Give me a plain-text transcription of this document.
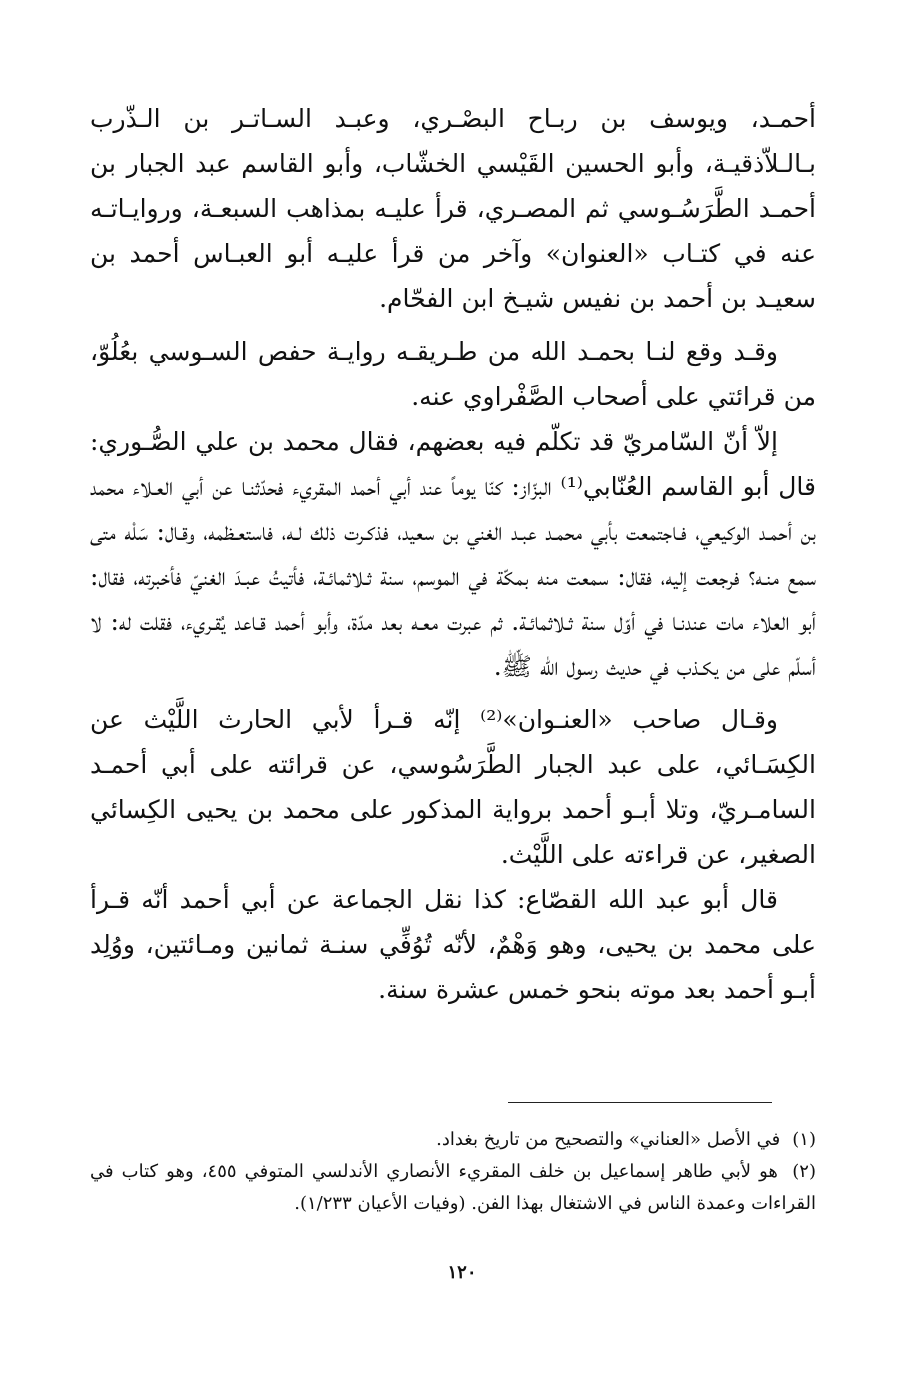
أحمـد، ويوسف بن ربـاح البصْـري، وعبـد السـاتـر بن الـذّرب بـالـلاّذقيـة، وأبو الحسين القَيْسي الخشّاب، وأبو القاسم عبد الجبار بن أحمـد الطَّرَسُـوسي ثم المصـري، قرأ عليـه بمذاهب السبعـة، وروايـاتـه عنه في كتـاب «العنوان» وآخر من قرأ عليـه أبو العبـاس أحمد بن سعيـد بن أحمد بن نفيس شيـخ ابن الفحّام.

وقـد وقع لنـا بحمـد الله من طـريقـه روايـة حفص السـوسي بعُلُوّ، من قرائتي على أصحاب الصَّفْراوي عنه.

إلاّ أنّ السّامريّ قد تكلّم فيه بعضهم، فقال محمد بن علي الصُّـوري: قال أبو القاسم العُنّابي⁽¹⁾ البزّاز: كنّا يوماً عند أبي أحمد المقريء فحدّثنـا عن أبي العـلاء محمد بن أحمـد الوكيعي، فـاجتمعت بأبي محمـد عبـد الغني بن سعيد، فذكـرت ذلك لـه، فاستعـظمه، وقـال: سَلْه متى سمع منـه؟ فرجعت إليه، فقال: سمعت منه بمكّة في الموسم، سنة ثـلاثمائـة، فأتيتُ عبـدَ الغنيّ فأخبرته، فقال: أبو العلاء مات عندنـا في أوّل سنة ثـلاثمائـة. ثم عبرت معـه بعد مدّة، وأبو أحمد قـاعد يُقـريء، فقلت له: لا أسلّم على من يكـذب في حديث رسول الله ﷺ.

وقـال صاحب «العنـوان»⁽²⁾ إنّه قـرأ لأبي الحارث اللَّيْث عن الكِسَـائي، على عبد الجبار الطَّرَسُوسي، عن قرائته على أبي أحمـد السامـريّ، وتلا أبـو أحمد برواية المذكور على محمد بن يحيى الكِسائي الصغير، عن قراءته على اللَّيْث.

قال أبو عبد الله القصّاع: كذا نقل الجماعة عن أبي أحمد أنّه قـرأ على محمد بن يحيى، وهو وَهْمٌ، لأنّه تُوُفِّي سنـة ثمانين ومـائتين، ووُلِد أبـو أحمد بعد موته بنحو خمس عشرة سنة.

(١) في الأصل «العناني» والتصحيح من تاريخ بغداد.

(٢) هو لأبي طاهر إسماعيل بن خلف المقريء الأنصاري الأندلسي المتوفي ٤٥٥، وهو كتاب في القراءات وعمدة الناس في الاشتغال بهذا الفن. (وفيات الأعيان ١/٢٣٣).

١٢٠
